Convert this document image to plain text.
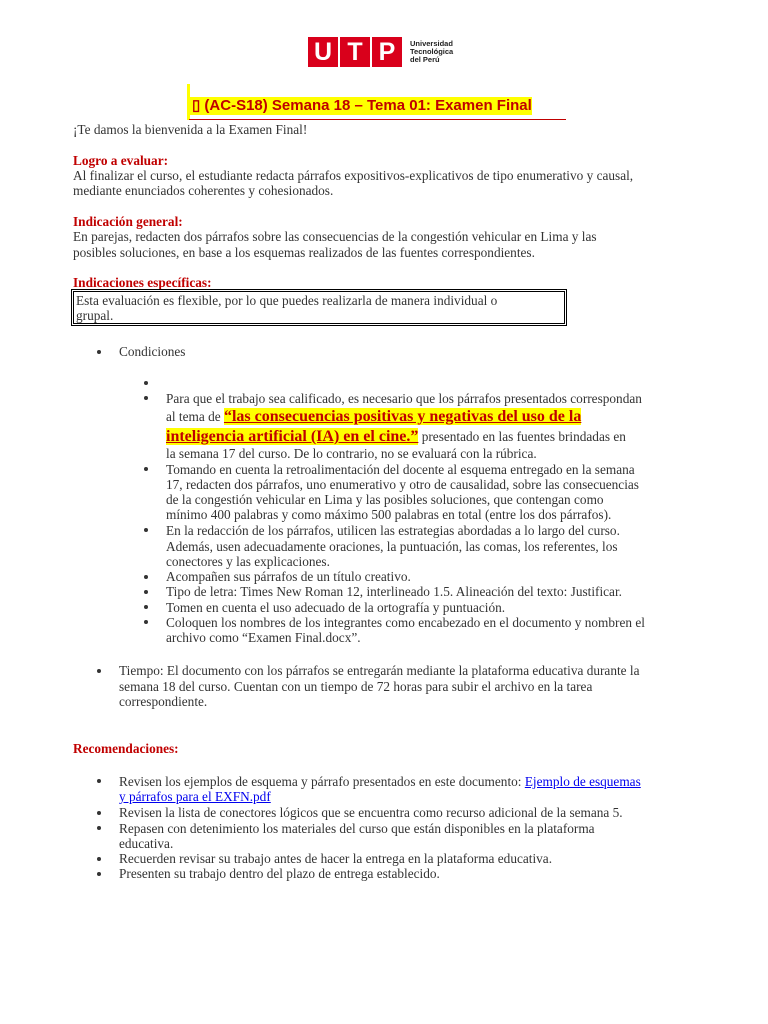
U T P	Universidad
Tecnológica
del Perú
▯ (AC-S18) Semana 18 – Tema 01: Examen Final
¡Te damos la bienvenida a la Examen Final!
Logro a evaluar:
Al finalizar el curso, el estudiante redacta párrafos expositivos-explicativos de tipo enumerativo y causal,
mediante enunciados coherentes y cohesionados.
Indicación general:
En parejas, redacten dos párrafos sobre las consecuencias de la congestión vehicular en Lima y las
posibles soluciones, en base a los esquemas realizados de las fuentes correspondientes.
Indicaciones específicas:
Esta evaluación es flexible, por lo que puedes realizarla de manera individual o
grupal.
Condiciones
Para que el trabajo sea calificado, es necesario que los párrafos presentados correspondan
al tema de “las consecuencias positivas y negativas del uso de la
inteligencia artificial (IA) en el cine.” presentado en las fuentes brindadas en
la semana 17 del curso. De lo contrario, no se evaluará con la rúbrica.
Tomando en cuenta la retroalimentación del docente al esquema entregado en la semana
17, redacten dos párrafos, uno enumerativo y otro de causalidad, sobre las consecuencias
de la congestión vehicular en Lima y las posibles soluciones, que contengan como
mínimo 400 palabras y como máximo 500 palabras en total (entre los dos párrafos).
En la redacción de los párrafos, utilicen las estrategias abordadas a lo largo del curso.
Además, usen adecuadamente oraciones, la puntuación, las comas, los referentes, los
conectores y las explicaciones.
Acompañen sus párrafos de un título creativo.
Tipo de letra: Times New Roman 12, interlineado 1.5. Alineación del texto: Justificar.
Tomen en cuenta el uso adecuado de la ortografía y puntuación.
Coloquen los nombres de los integrantes como encabezado en el documento y nombren el
archivo como “Examen Final.docx”.
Tiempo: El documento con los párrafos se entregarán mediante la plataforma educativa durante la
semana 18 del curso. Cuentan con un tiempo de 72 horas para subir el archivo en la tarea
correspondiente.
Recomendaciones:
Revisen los ejemplos de esquema y párrafo presentados en este documento: Ejemplo de esquemas
y párrafos para el EXFN.pdf
Revisen la lista de conectores lógicos que se encuentra como recurso adicional de la semana 5.
Repasen con detenimiento los materiales del curso que están disponibles en la plataforma
educativa.
Recuerden revisar su trabajo antes de hacer la entrega en la plataforma educativa.
Presenten su trabajo dentro del plazo de entrega establecido.
